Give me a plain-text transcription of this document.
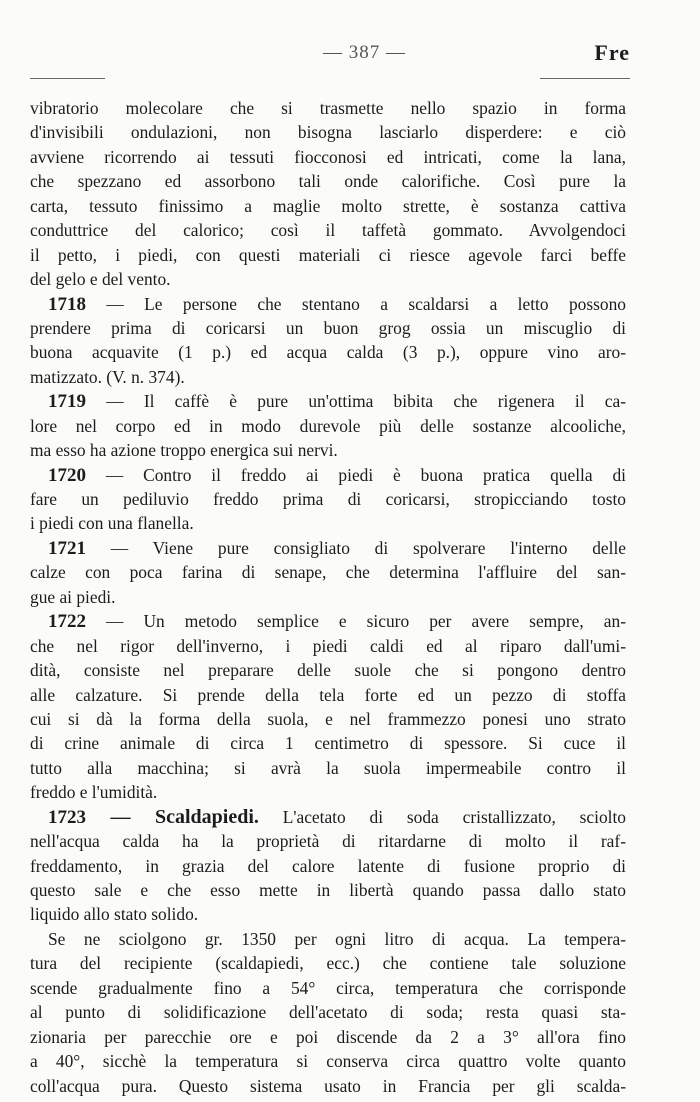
— 387 —	Fre
vibratorio molecolare che si trasmette nello spazio in forma
d'invisibili ondulazioni, non bisogna lasciarlo disperdere: e ciò
avviene ricorrendo ai tessuti fiocconosi ed intricati, come la lana,
che spezzano ed assorbono tali onde calorifiche. Così pure la
carta, tessuto finissimo a maglie molto strette, è sostanza cattiva
conduttrice del calorico; così il taffetà gommato. Avvolgendoci
il petto, i piedi, con questi materiali ci riesce agevole farci beffe
del gelo e del vento.
1718 — Le persone che stentano a scaldarsi a letto possono
prendere prima di coricarsi un buon grog ossia un miscuglio di
buona acquavite (1 p.) ed acqua calda (3 p.), oppure vino aro-
matizzato. (V. n. 374).
1719 — Il caffè è pure un'ottima bibita che rigenera il ca-
lore nel corpo ed in modo durevole più delle sostanze alcooliche,
ma esso ha azione troppo energica sui nervi.
1720 — Contro il freddo ai piedi è buona pratica quella di
fare un pediluvio freddo prima di coricarsi, stropicciando tosto
i piedi con una flanella.
1721 — Viene pure consigliato di spolverare l'interno delle
calze con poca farina di senape, che determina l'affluire del san-
gue ai piedi.
1722 — Un metodo semplice e sicuro per avere sempre, an-
che nel rigor dell'inverno, i piedi caldi ed al riparo dall'umi-
dità, consiste nel preparare delle suole che si pongono dentro
alle calzature. Si prende della tela forte ed un pezzo di stoffa
cui si dà la forma della suola, e nel frammezzo ponesi uno strato
di crine animale di circa 1 centimetro di spessore. Si cuce il
tutto alla macchina; si avrà la suola impermeabile contro il
freddo e l'umidità.
1723 — Scaldapiedi. L'acetato di soda cristallizzato, sciolto
nell'acqua calda ha la proprietà di ritardarne di molto il raf-
freddamento, in grazia del calore latente di fusione proprio di
questo sale e che esso mette in libertà quando passa dallo stato
liquido allo stato solido.
Se ne sciolgono gr. 1350 per ogni litro di acqua. La tempera-
tura del recipiente (scaldapiedi, ecc.) che contiene tale soluzione
scende gradualmente fino a 54° circa, temperatura che corrisponde
al punto di solidificazione dell'acetato di soda; resta quasi sta-
zionaria per parecchie ore e poi discende da 2 a 3° all'ora fino
a 40°, sicchè la temperatura si conserva circa quattro volte quanto
coll'acqua pura. Questo sistema usato in Francia per gli scalda-
